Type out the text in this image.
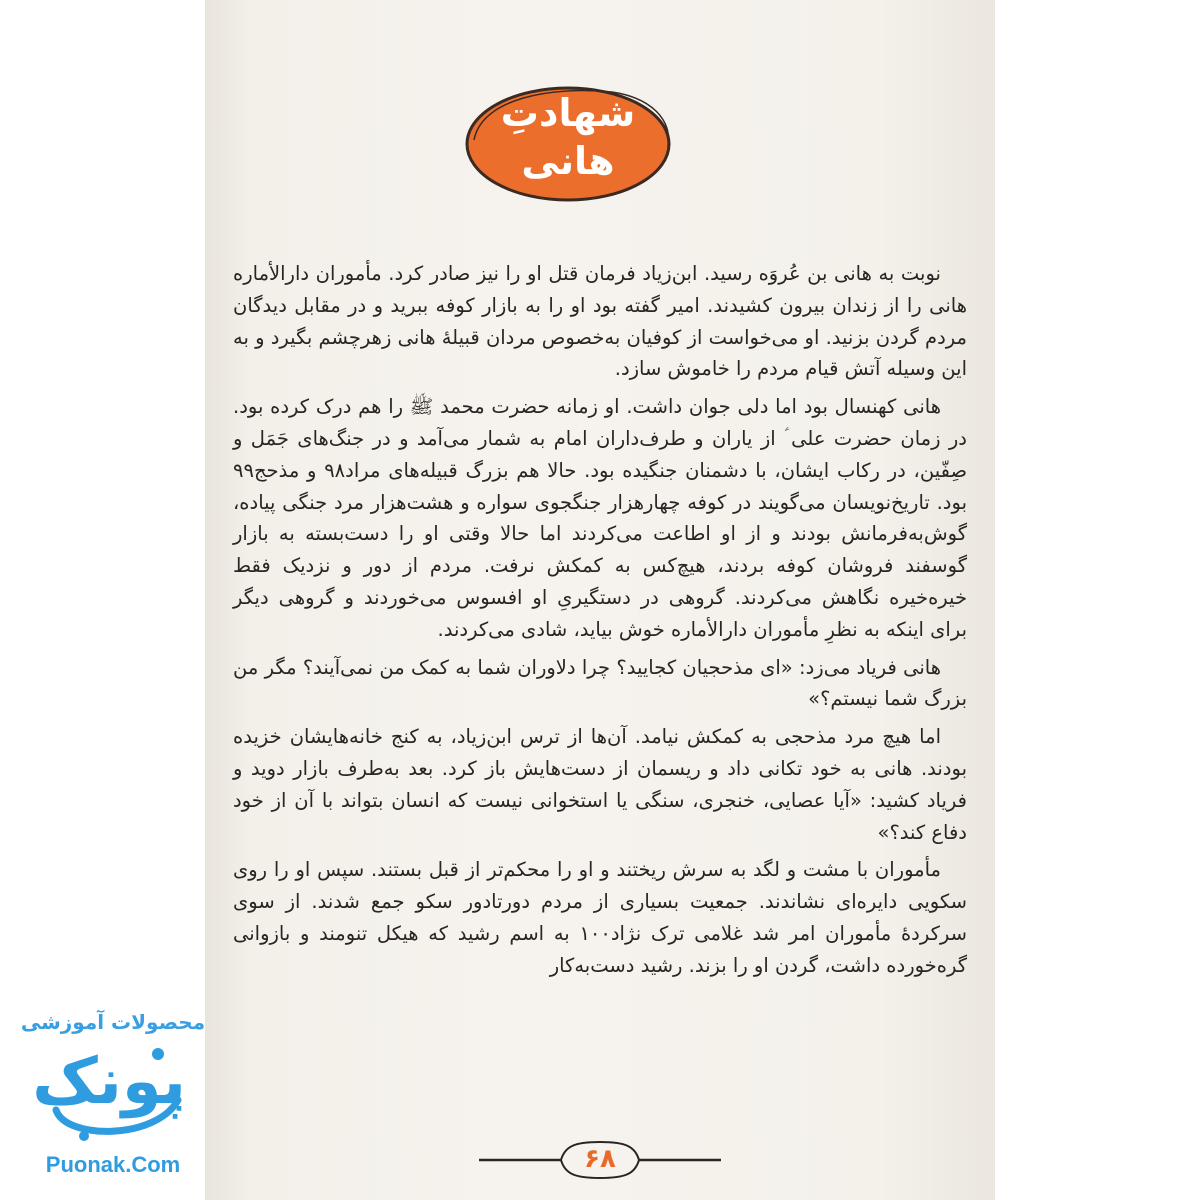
شهادتِ
هانی

نوبت به هانی بن عُروَه رسید. ابن‌زیاد فرمان قتل او را نیز صادر کرد. مأموران دارالأماره هانی را از زندان بیرون کشیدند. امیر گفته بود او را به بازار کوفه ببرید و در مقابل دیدگان مردم گردن بزنید. او می‌خواست از کوفیان به‌خصوص مردان قبیلهٔ هانی زهرچشم بگیرد و به این وسیله آتش قیام مردم را خاموش سازد.

هانی کهنسال بود اما دلی جوان داشت. او زمانه حضرت محمد ﷺ را هم درک کرده بود. در زمان حضرت علی ؑ از یاران و طرف‌داران امام به شمار می‌آمد و در جنگ‌های جَمَل و صِفّین، در رکاب ایشان، با دشمنان جنگیده بود. حالا هم بزرگ قبیله‌های مراد۹۸ و مذحج۹۹ بود. تاریخ‌نویسان می‌گویند در کوفه چهارهزار جنگجوی سواره و هشت‌هزار مرد جنگی پیاده، گوش‌به‌فرمانش بودند و از او اطاعت می‌کردند اما حالا وقتی او را دست‌بسته به بازار گوسفند فروشان کوفه بردند، هیچ‌کس به کمکش نرفت. مردم از دور و نزدیک فقط خیره‌خیره نگاهش می‌کردند. گروهی در دستگیریِ او افسوس می‌خوردند و گروهی دیگر برای اینکه به نظرِ مأموران دارالأماره خوش بیاید، شادی می‌کردند.

هانی فریاد می‌زد: «ای مذحجیان کجایید؟ چرا دلاوران شما به کمک من نمی‌آیند؟ مگر من بزرگ شما نیستم؟»

اما هیچ مرد مذحجی به کمکش نیامد. آن‌ها از ترس ابن‌زیاد، به کنج خانه‌هایشان خزیده بودند. هانی به خود تکانی داد و ریسمان از دست‌هایش باز کرد. بعد به‌طرف بازار دوید و فریاد کشید: «آیا عصایی، خنجری، سنگی یا استخوانی نیست که انسان بتواند با آن از خود دفاع کند؟»

مأموران با مشت و لگد به سرش ریختند و او را محکم‌تر از قبل بستند. سپس او را روی سکویی دایره‌ای نشاندند. جمعیت بسیاری از مردم دورتادور سکو جمع شدند. از سوی سرکردهٔ مأموران امر شد غلامی ترک نژاد۱۰۰ به اسم رشید که هیکل تنومند و بازوانی گره‌خورده داشت، گردن او را بزند. رشید دست‌به‌کار

۶۸
محصولات آموزشی
پونک
Puonak.Com
